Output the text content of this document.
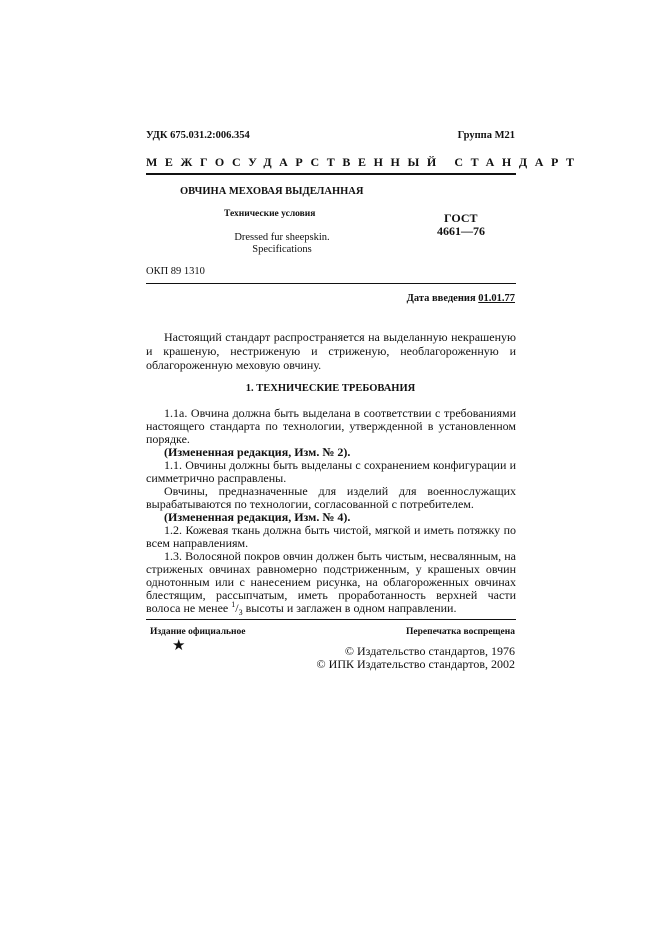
УДК 675.031.2:006.354	Группа М21
МЕЖГОСУДАРСТВЕННЫЙ СТАНДАРТ
ОВЧИНА МЕХОВАЯ ВЫДЕЛАННАЯ
Технические условия
Dressed fur sheepskin. Specifications
ГОСТ
4661—76
ОКП 89 1310
Дата введения 01.01.77

Настоящий стандарт распространяется на выделанную некрашеную и крашеную, нестриженую и стриженую, необлагороженную и облагороженную меховую овчину.

1. ТЕХНИЧЕСКИЕ ТРЕБОВАНИЯ

1.1а. Овчина должна быть выделана в соответствии с требованиями настоящего стандарта по технологии, утвержденной в установленном порядке.

(Измененная редакция, Изм. № 2).

1.1. Овчины должны быть выделаны с сохранением конфигурации и симметрично расправлены.

Овчины, предназначенные для изделий для военнослужащих вырабатываются по технологии, согласованной с потребителем.

(Измененная редакция, Изм. № 4).

1.2. Кожевая ткань должна быть чистой, мягкой и иметь потяжку по всем направлениям.

1.3. Волосяной покров овчин должен быть чистым, несвалянным, на стриженых овчинах равномерно подстриженным, у крашеных овчин однотонным или с нанесением рисунка, на облагороженных овчинах блестящим, рассыпчатым, иметь проработанность верхней части волоса не менее $^1/_3$ высоты и заглажен в одном направлении.

Издание официальное	Перепечатка воспрещена
★	© Издательство стандартов, 1976
© ИПК Издательство стандартов, 2002
